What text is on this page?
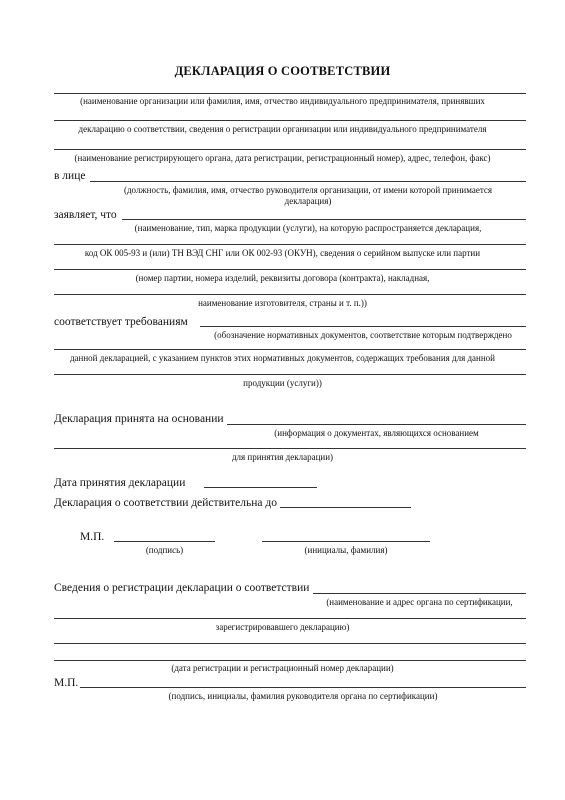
ДЕКЛАРАЦИЯ О СООТВЕТСТВИИ
(наименование организации или фамилия, имя, отчество индивидуального предпринимателя, принявших
декларацию о соответствии, сведения о регистрации организации или индивидуального предпринимателя
(наименование регистрирующего органа, дата регистрации, регистрационный номер), адрес, телефон, факс)
в лице
(должность, фамилия, имя, отчество руководителя организации, от имени которой принимается
декларация)
заявляет, что
(наименование, тип, марка продукции (услуги), на которую распространяется декларация,
код ОК 005-93 и (или) ТН ВЭД СНГ или ОК 002-93 (ОКУН), сведения о серийном выпуске или партии
(номер партии, номера изделий, реквизиты договора (контракта), накладная,
наименование изготовителя, страны и т. п.))
соответствует требованиям
(обозначение нормативных документов, соответствие которым подтверждено
данной декларацией, с указанием пунктов этих нормативных документов, содержащих требования для данной
продукции (услуги))
Декларация принята на основании
(информация о документах, являющихся основанием
для принятия декларации)
Дата принятия декларации
Декларация о соответствии действительна до
М.П.
(подпись)	(инициалы, фамилия)
Сведения о регистрации декларации о соответствии
(наименование и адрес органа по сертификации,
зарегистрировавшего декларацию)
(дата регистрации и регистрационный номер декларации)
М.П.
(подпись, инициалы, фамилия руководителя органа по сертификации)
